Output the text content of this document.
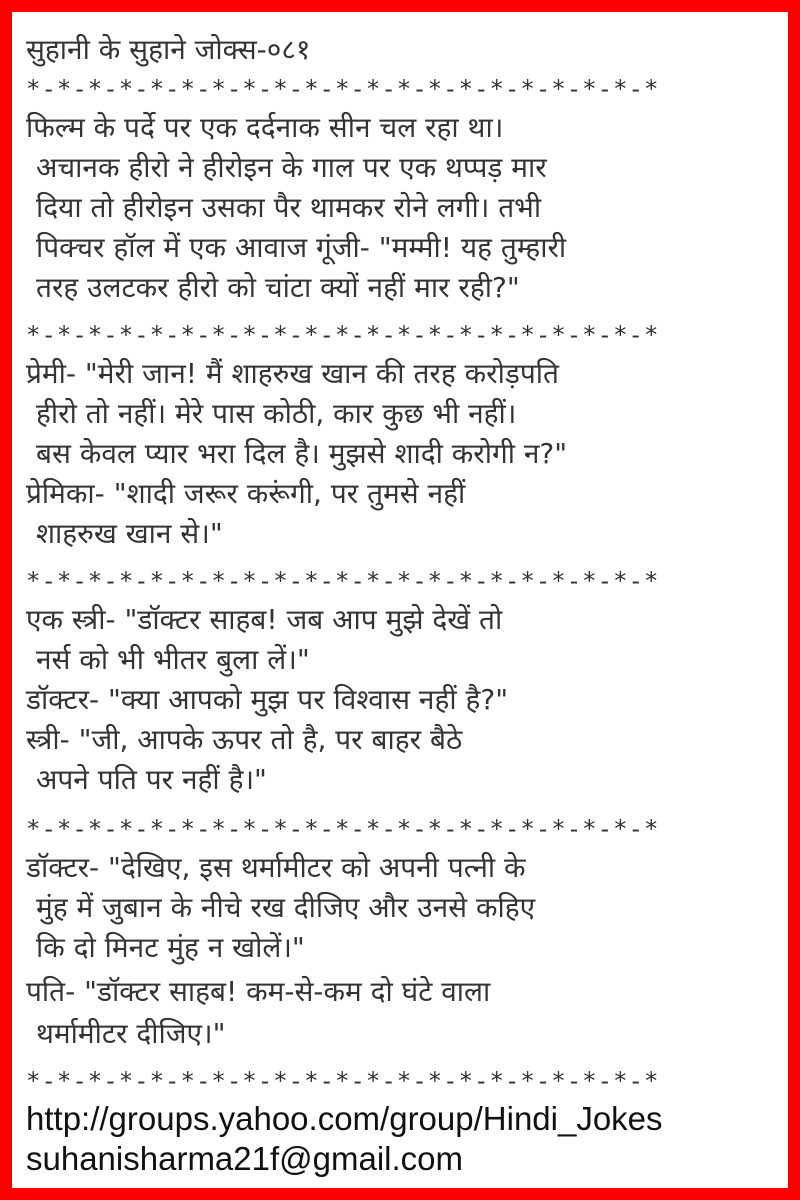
सुहानी के सुहाने जोक्स-०८१

*-*-*-*-*-*-*-*-*-*-*-*-*-*-*-*-*-*-*-*-*

फिल्म के पर्दे पर एक दर्दनाक सीन चल रहा था।

अचानक हीरो ने हीरोइन के गाल पर एक थप्पड़ मार

दिया तो हीरोइन उसका पैर थामकर रोने लगी। तभी

पिक्चर हॉल में एक आवाज गूंजी- "मम्मी! यह तुम्हारी

तरह उलटकर हीरो को चांटा क्यों नहीं मार रही?"

*-*-*-*-*-*-*-*-*-*-*-*-*-*-*-*-*-*-*-*-*

प्रेमी- "मेरी जान! मैं शाहरुख खान की तरह करोड़पति

हीरो तो नहीं। मेरे पास कोठी, कार कुछ भी नहीं।

बस केवल प्यार भरा दिल है। मुझसे शादी करोगी न?"

प्रेमिका- "शादी जरूर करूंगी, पर तुमसे नहीं

शाहरुख खान से।"

*-*-*-*-*-*-*-*-*-*-*-*-*-*-*-*-*-*-*-*-*

एक स्त्री- "डॉक्टर साहब! जब आप मुझे देखें तो

नर्स को भी भीतर बुला लें।"

डॉक्टर- "क्या आपको मुझ पर विश्वास नहीं है?"

स्त्री- "जी, आपके ऊपर तो है, पर बाहर बैठे

अपने पति पर नहीं है।"

*-*-*-*-*-*-*-*-*-*-*-*-*-*-*-*-*-*-*-*-*

डॉक्टर- "देखिए, इस थर्मामीटर को अपनी पत्नी के

मुंह में जुबान के नीचे रख दीजिए और उनसे कहिए

कि दो मिनट मुंह न खोलें।"

पति- "डॉक्टर साहब! कम-से-कम दो घंटे वाला

थर्मामीटर दीजिए।"

*-*-*-*-*-*-*-*-*-*-*-*-*-*-*-*-*-*-*-*-*

http://groups.yahoo.com/group/Hindi_Jokes

suhanisharma21f@gmail.com
